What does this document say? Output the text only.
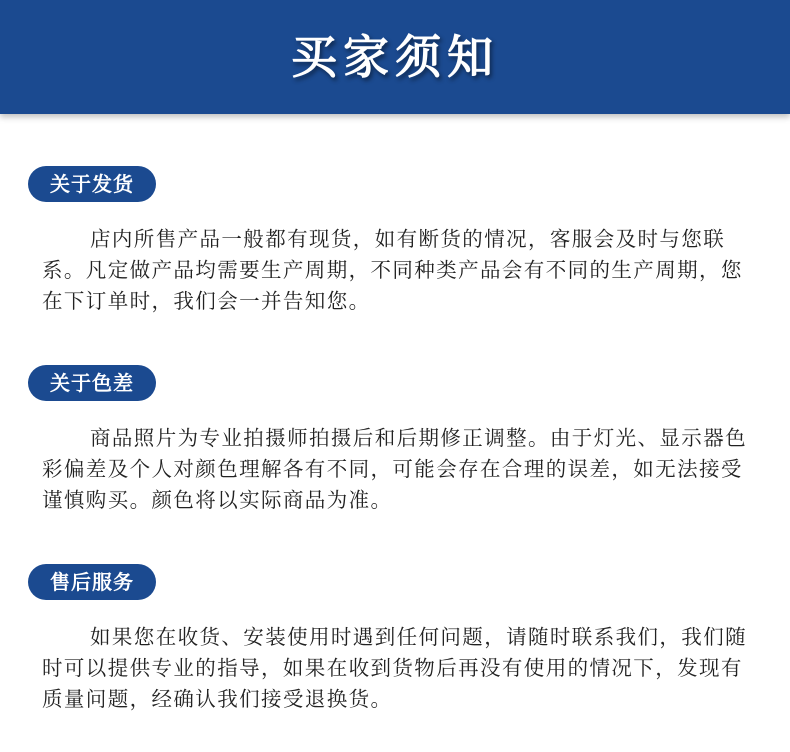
买家须知
关于发货

店内所售产品一般都有现货，如有断货的情况，客服会及时与您联系。凡定做产品均需要生产周期，不同种类产品会有不同的生产周期，您在下订单时，我们会一并告知您。

关于色差

商品照片为专业拍摄师拍摄后和后期修正调整。由于灯光、显示器色彩偏差及个人对颜色理解各有不同，可能会存在合理的误差，如无法接受谨慎购买。颜色将以实际商品为准。

售后服务

如果您在收货、安装使用时遇到任何问题，请随时联系我们，我们随时可以提供专业的指导，如果在收到货物后再没有使用的情况下，发现有质量问题，经确认我们接受退换货。
